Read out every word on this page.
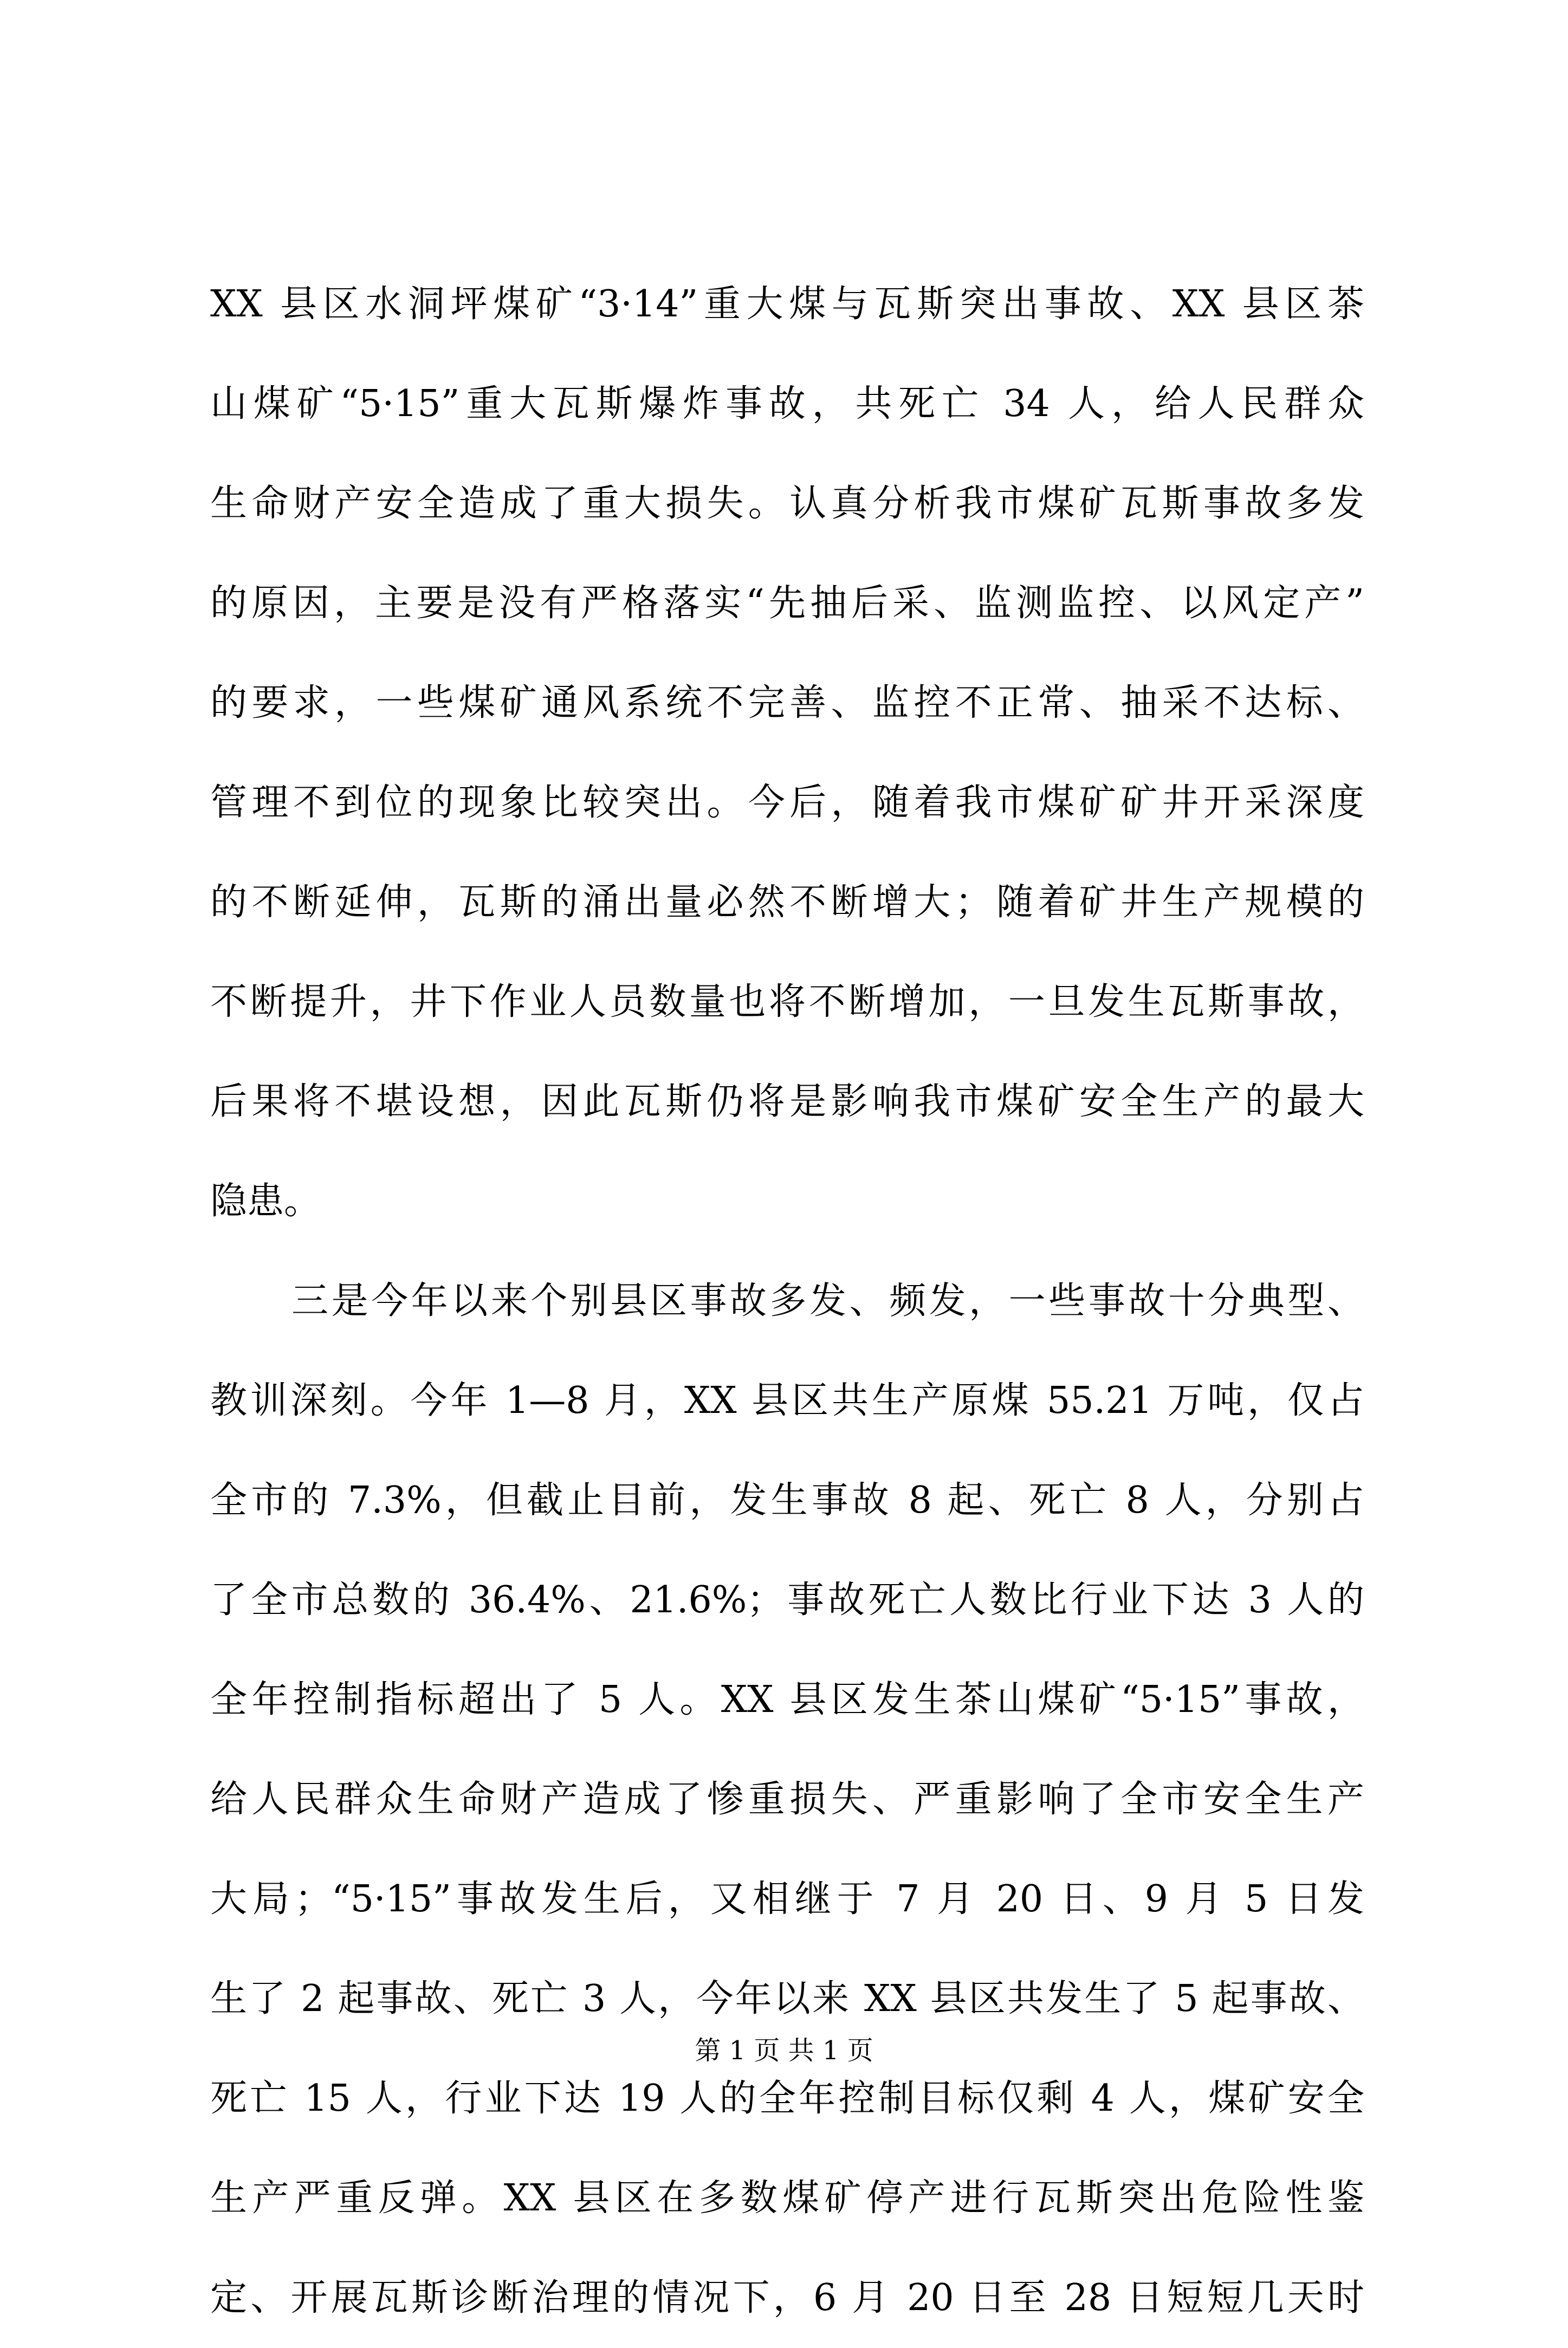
XX 县区水洞坪煤矿“3·14”重大煤与瓦斯突出事故、XX 县区茶
山煤矿“5·15”重大瓦斯爆炸事故，共死亡 34 人，给人民群众
生命财产安全造成了重大损失。认真分析我市煤矿瓦斯事故多发
的原因，主要是没有严格落实“先抽后采、监测监控、以风定产”
的要求，一些煤矿通风系统不完善、监控不正常、抽采不达标、
管理不到位的现象比较突出。今后，随着我市煤矿矿井开采深度
的不断延伸，瓦斯的涌出量必然不断增大；随着矿井生产规模的
不断提升，井下作业人员数量也将不断增加，一旦发生瓦斯事故，
后果将不堪设想，因此瓦斯仍将是影响我市煤矿安全生产的最大
隐患。
三是今年以来个别县区事故多发、频发，一些事故十分典型、
教训深刻。今年 1—8 月，XX 县区共生产原煤 55.21 万吨，仅占
全市的 7.3%，但截止目前，发生事故 8 起、死亡 8 人，分别占
了全市总数的 36.4%、21.6%；事故死亡人数比行业下达 3 人的
全年控制指标超出了 5 人。XX 县区发生茶山煤矿“5·15”事故，
给人民群众生命财产造成了惨重损失、严重影响了全市安全生产
大局；“5·15”事故发生后，又相继于 7 月 20 日、9 月 5 日发
生了 2 起事故、死亡 3 人，今年以来 XX 县区共发生了 5 起事故、
死亡 15 人，行业下达 19 人的全年控制目标仅剩 4 人，煤矿安全
生产严重反弹。XX 县区在多数煤矿停产进行瓦斯突出危险性鉴
定、开展瓦斯诊断治理的情况下，6 月 20 日至 28 日短短几天时
第 1 页 共 1 页
